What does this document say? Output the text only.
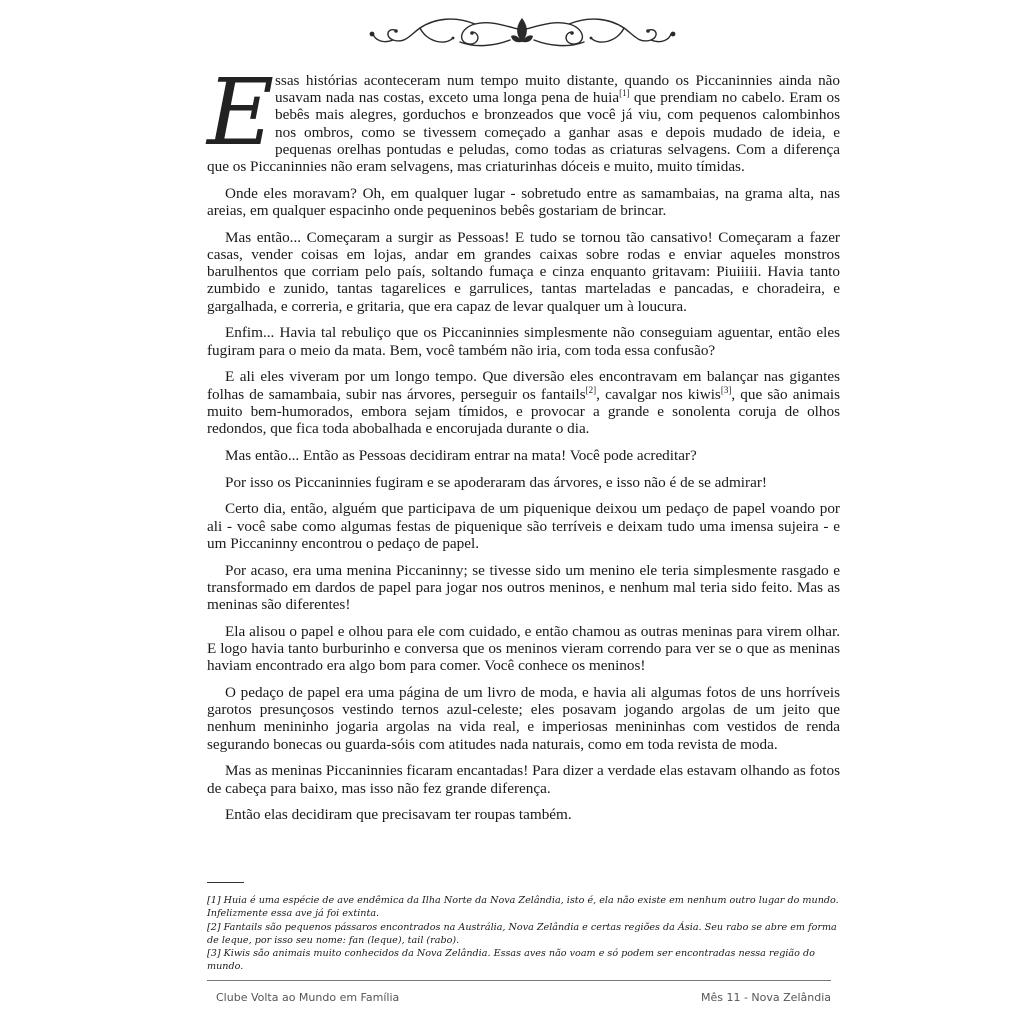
Essas histórias aconteceram num tempo muito distante, quando os Piccaninnies ainda não usavam nada nas costas, exceto uma longa pena de huia[1] que prendiam no cabelo. Eram os bebês mais alegres, gorduchos e bronzeados que você já viu, com pequenos calombinhos nos ombros, como se tivessem começado a ganhar asas e depois mudado de ideia, e pequenas orelhas pontudas e peludas, como todas as criaturas selvagens. Com a diferença que os Piccaninnies não eram selvagens, mas criaturinhas dóceis e muito, muito tímidas.

Onde eles moravam? Oh, em qualquer lugar - sobretudo entre as samambaias, na grama alta, nas areias, em qualquer espacinho onde pequeninos bebês gostariam de brincar.

Mas então... Começaram a surgir as Pessoas! E tudo se tornou tão cansativo! Começaram a fazer casas, vender coisas em lojas, andar em grandes caixas sobre rodas e enviar aqueles monstros barulhentos que corriam pelo país, soltando fumaça e cinza enquanto gritavam: Piuiiiii. Havia tanto zumbido e zunido, tantas tagarelices e garrulices, tantas marteladas e pancadas, e choradeira, e gargalhada, e correria, e gritaria, que era capaz de levar qualquer um à loucura.

Enfim... Havia tal rebuliço que os Piccaninnies simplesmente não conseguiam aguentar, então eles fugiram para o meio da mata. Bem, você também não iria, com toda essa confusão?

E ali eles viveram por um longo tempo. Que diversão eles encontravam em balançar nas gigantes folhas de samambaia, subir nas árvores, perseguir os fantails[2], cavalgar nos kiwis[3], que são animais muito bem-humorados, embora sejam tímidos, e provocar a grande e sonolenta coruja de olhos redondos, que fica toda abobalhada e encorujada durante o dia.

Mas então... Então as Pessoas decidiram entrar na mata! Você pode acreditar?

Por isso os Piccaninnies fugiram e se apoderaram das árvores, e isso não é de se admirar!

Certo dia, então, alguém que participava de um piquenique deixou um pedaço de papel voando por ali - você sabe como algumas festas de piquenique são terríveis e deixam tudo uma imensa sujeira - e um Piccaninny encontrou o pedaço de papel.

Por acaso, era uma menina Piccaninny; se tivesse sido um menino ele teria simplesmente rasgado e transformado em dardos de papel para jogar nos outros meninos, e nenhum mal teria sido feito. Mas as meninas são diferentes!

Ela alisou o papel e olhou para ele com cuidado, e então chamou as outras meninas para virem olhar. E logo havia tanto burburinho e conversa que os meninos vieram correndo para ver se o que as meninas haviam encontrado era algo bom para comer. Você conhece os meninos!

O pedaço de papel era uma página de um livro de moda, e havia ali algumas fotos de uns horríveis garotos presunçosos vestindo ternos azul-celeste; eles posavam jogando argolas de um jeito que nenhum menininho jogaria argolas na vida real, e imperiosas menininhas com vestidos de renda segurando bonecas ou guarda-sóis com atitudes nada naturais, como em toda revista de moda.

Mas as meninas Piccaninnies ficaram encantadas! Para dizer a verdade elas estavam olhando as fotos de cabeça para baixo, mas isso não fez grande diferença.

Então elas decidiram que precisavam ter roupas também.

[1] Huia é uma espécie de ave endêmica da Ilha Norte da Nova Zelândia, isto é, ela não existe em nenhum outro lugar do mundo. Infelizmente essa ave já foi extinta.

[2] Fantails são pequenos pássaros encontrados na Austrália, Nova Zelândia e certas regiões da Ásia. Seu rabo se abre em forma de leque, por isso seu nome: fan (leque), tail (rabo).

[3] Kiwis são animais muito conhecidos da Nova Zelândia. Essas aves não voam e só podem ser encontradas nessa região do mundo.

Clube Volta ao Mundo em Família	Mês 11 - Nova Zelândia
